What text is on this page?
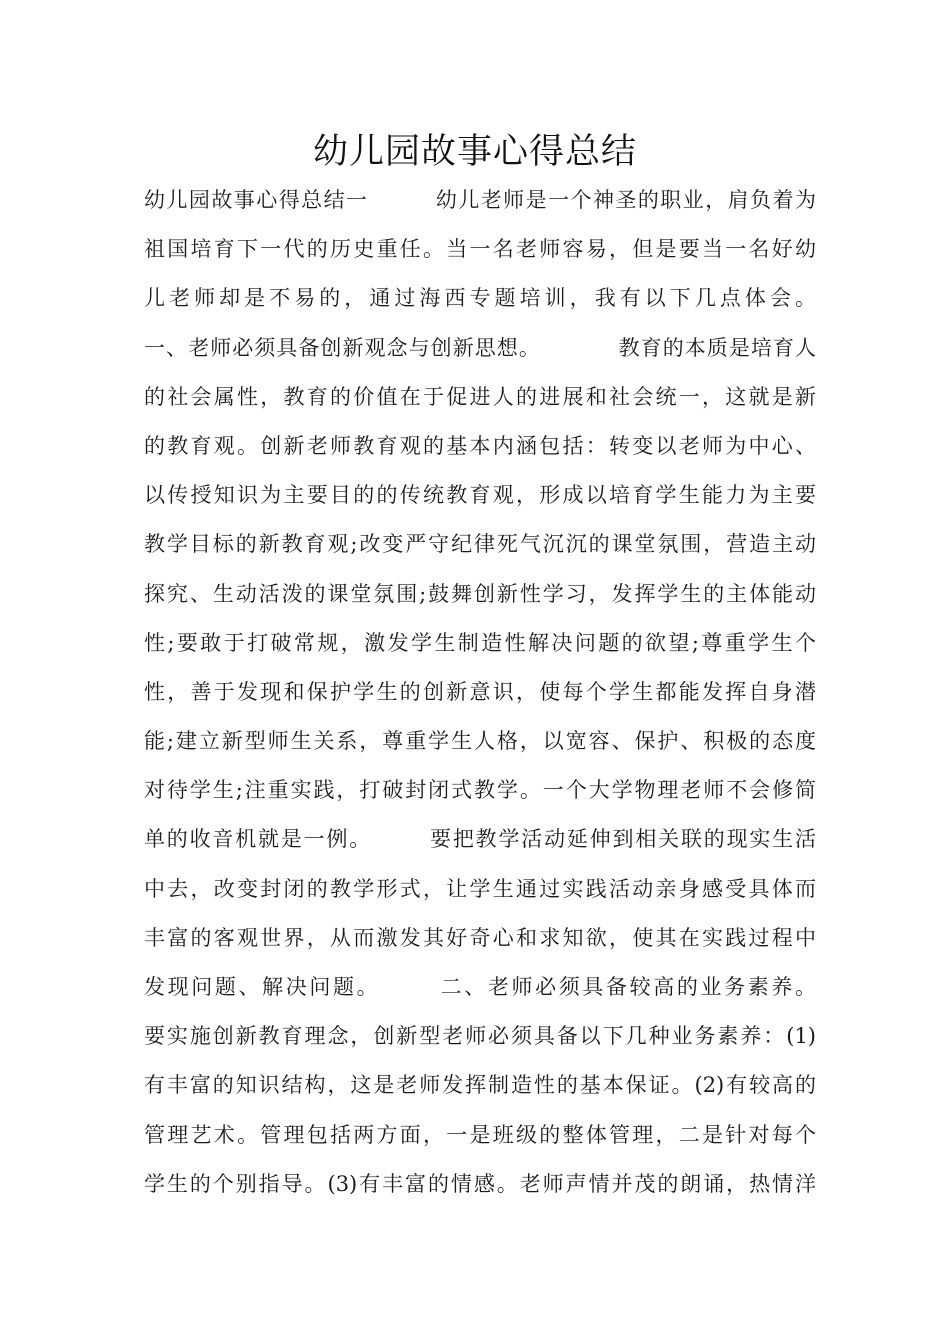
幼儿园故事心得总结
幼儿园故事心得总结一　　　幼儿老师是一个神圣的职业，肩负着为
祖国培育下一代的历史重任。当一名老师容易，但是要当一名好幼
儿老师却是不易的，通过海西专题培训，我有以下几点体会。
一、老师必须具备创新观念与创新思想。　　　　教育的本质是培育人
的社会属性，教育的价值在于促进人的进展和社会统一，这就是新
的教育观。创新老师教育观的基本内涵包括：转变以老师为中心、
以传授知识为主要目的的传统教育观，形成以培育学生能力为主要
教学目标的新教育观;改变严守纪律死气沉沉的课堂氛围，营造主动
探究、生动活泼的课堂氛围;鼓舞创新性学习，发挥学生的主体能动
性;要敢于打破常规，激发学生制造性解决问题的欲望;尊重学生个
性，善于发现和保护学生的创新意识，使每个学生都能发挥自身潜
能;建立新型师生关系，尊重学生人格，以宽容、保护、积极的态度
对待学生;注重实践，打破封闭式教学。一个大学物理老师不会修简
单的收音机就是一例。　　　要把教学活动延伸到相关联的现实生活
中去，改变封闭的教学形式，让学生通过实践活动亲身感受具体而
丰富的客观世界，从而激发其好奇心和求知欲，使其在实践过程中
发现问题、解决问题。　　　二、老师必须具备较高的业务素养。
要实施创新教育理念，创新型老师必须具备以下几种业务素养：(1)
有丰富的知识结构，这是老师发挥制造性的基本保证。(2)有较高的
管理艺术。管理包括两方面，一是班级的整体管理，二是针对每个
学生的个别指导。(3)有丰富的情感。老师声情并茂的朗诵，热情洋
